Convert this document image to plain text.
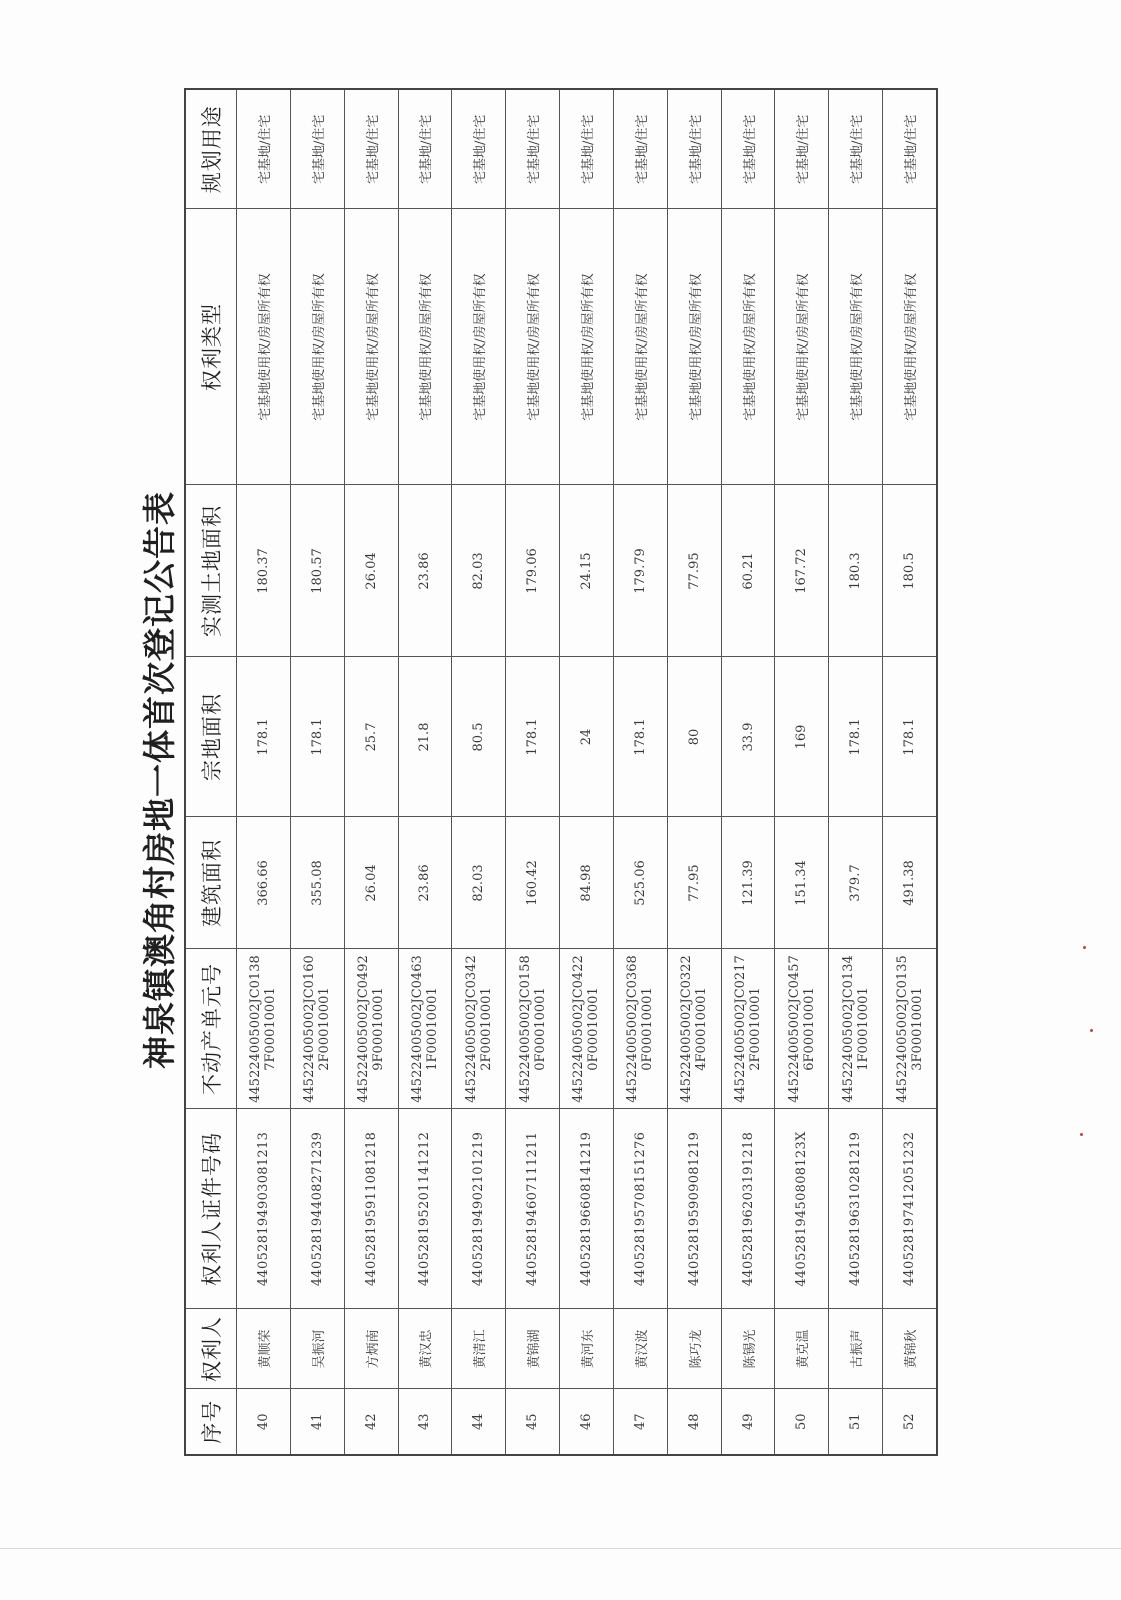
神泉镇澳角村房地一体首次登记公告表
序号	权利人	权利人证件号码	不动产单元号	建筑面积	宗地面积	实测土地面积	权利类型	规划用途
40	黄顺荣	440528194903081213	445224005002JC01387F00010001	366.66	178.1	180.37	宅基地使用权/房屋所有权	宅基地/住宅
41	吴振河	440528194408271239	445224005002JC01602F00010001	355.08	178.1	180.57	宅基地使用权/房屋所有权	宅基地/住宅
42	方炳南	440528195911081218	445224005002JC04929F00010001	26.04	25.7	26.04	宅基地使用权/房屋所有权	宅基地/住宅
43	黄汉忠	440528195201141212	445224005002JC04631F00010001	23.86	21.8	23.86	宅基地使用权/房屋所有权	宅基地/住宅
44	黄清江	440528194902101219	445224005002JC03422F00010001	82.03	80.5	82.03	宅基地使用权/房屋所有权	宅基地/住宅
45	黄锦湖	440528194607111211	445224005002JC01580F00010001	160.42	178.1	179.06	宅基地使用权/房屋所有权	宅基地/住宅
46	黄河东	440528196608141219	445224005002JC04220F00010001	84.98	24	24.15	宅基地使用权/房屋所有权	宅基地/住宅
47	黄汉波	440528195708151276	445224005002JC03680F00010001	525.06	178.1	179.79	宅基地使用权/房屋所有权	宅基地/住宅
48	陈巧龙	440528195909081219	445224005002JC03224F00010001	77.95	80	77.95	宅基地使用权/房屋所有权	宅基地/住宅
49	陈锡光	440528196203191218	445224005002JC02172F00010001	121.39	33.9	60.21	宅基地使用权/房屋所有权	宅基地/住宅
50	黄克温	44052819450808123X	445224005002JC04576F00010001	151.34	169	167.72	宅基地使用权/房屋所有权	宅基地/住宅
51	古振声	440528196310281219	445224005002JC01341F00010001	379.7	178.1	180.3	宅基地使用权/房屋所有权	宅基地/住宅
52	黄锦秋	440528197412051232	445224005002JC01353F00010001	491.38	178.1	180.5	宅基地使用权/房屋所有权	宅基地/住宅
